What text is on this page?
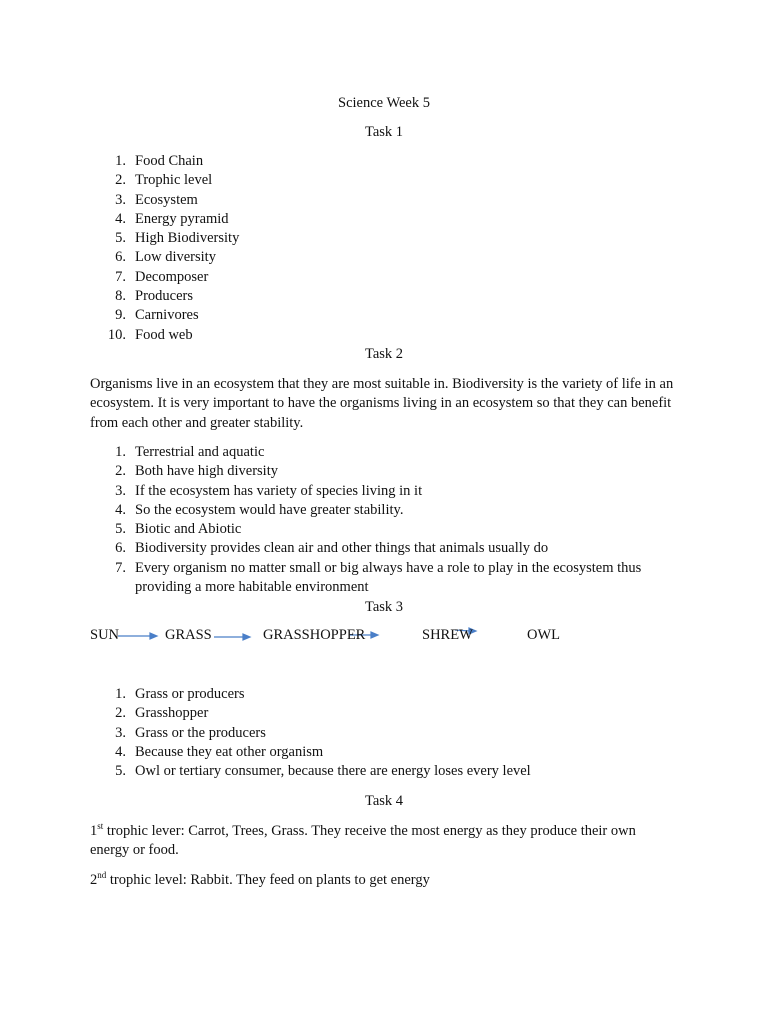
Science Week 5
Task 1
1. Food Chain
2. Trophic level
3. Ecosystem
4. Energy pyramid
5. High Biodiversity
6. Low diversity
7. Decomposer
8. Producers
9. Carnivores
10. Food web
Task 2

Organisms live in an ecosystem that they are most suitable in. Biodiversity is the variety of life in an ecosystem. It is very important to have the organisms living in an ecosystem so that they can benefit from each other and greater stability.

1. Terrestrial and aquatic
2. Both have high diversity
3. If the ecosystem has variety of species living in it
4. So the ecosystem would have greater stability.
5. Biotic and Abiotic
6. Biodiversity provides clean air and other things that animals usually do
7. Every organism no matter small or big always have a role to play in the ecosystem thus providing a more habitable environment
Task 3
SUN	GRASS	GRASSHOPPER	SHREW	OWL
1. Grass or producers
2. Grasshopper
3. Grass or the producers
4. Because they eat other organism
5. Owl or tertiary consumer, because there are energy loses every level
Task 4

1st trophic lever: Carrot, Trees, Grass. They receive the most energy as they produce their own energy or food.

2nd trophic level: Rabbit. They feed on plants to get energy
